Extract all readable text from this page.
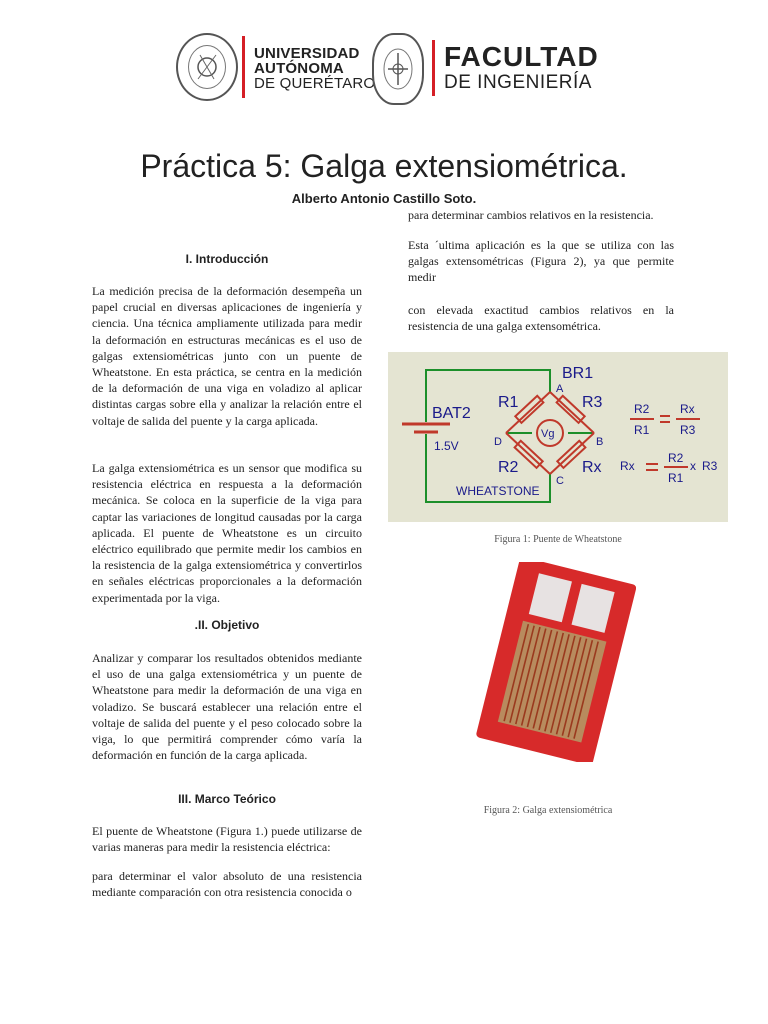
UNIVERSIDAD
AUTÓNOMA
DE QUERÉTARO
FACULTAD
DE INGENIERÍA
Práctica 5: Galga extensiométrica.
Alberto Antonio Castillo Soto.
I. Introducción
La medición precisa de la deformación desempeña un papel crucial en diversas aplicaciones de ingeniería y ciencia. Una técnica ampliamente utilizada para medir la deformación en estructuras mecánicas es el uso de galgas extensiométricas junto con un puente de Wheatstone. En esta práctica, se centra en la medición de la deformación de una viga en voladizo al aplicar distintas cargas sobre ella y analizar la relación entre el voltaje de salida del puente y la carga aplicada.
La galga extensiométrica es un sensor que modifica su resistencia eléctrica en respuesta a la deformación mecánica. Se coloca en la superficie de la viga para captar las variaciones de longitud causadas por la carga aplicada. El puente de Wheatstone es un circuito eléctrico equilibrado que permite medir los cambios en la resistencia de la galga extensiométrica y convertirlos en señales eléctricas proporcionales a la deformación experimentada por la viga.
.II. Objetivo
Analizar y comparar los resultados obtenidos mediante el uso de una galga extensiométrica y un puente de Wheatstone para medir la deformación de una viga en voladizo. Se buscará establecer una relación entre el voltaje de salida del puente y el peso colocado sobre la viga, lo que permitirá comprender cómo varía la deformación en función de la carga aplicada.
III. Marco Teórico
El puente de Wheatstone (Figura 1.) puede utilizarse de varias maneras para medir la resistencia eléctrica:
para determinar el valor absoluto de una resistencia mediante comparación con otra resistencia conocida o
para determinar cambios relativos en la resistencia.
Esta ´ultima aplicación es la que se utiliza con las galgas extensométricas (Figura 2), ya que permite medir
con elevada exactitud cambios relativos en la resistencia de una galga extensométrica.
BR1
BAT2
1.5V
R1	R3
R2	Rx
Vg
A
B
C
D
WHEATSTONE
R2
R1
Rx
R3
Rx
R2
R1
x R3
Figura 1: Puente de Wheatstone
Figura 2: Galga extensiométrica
